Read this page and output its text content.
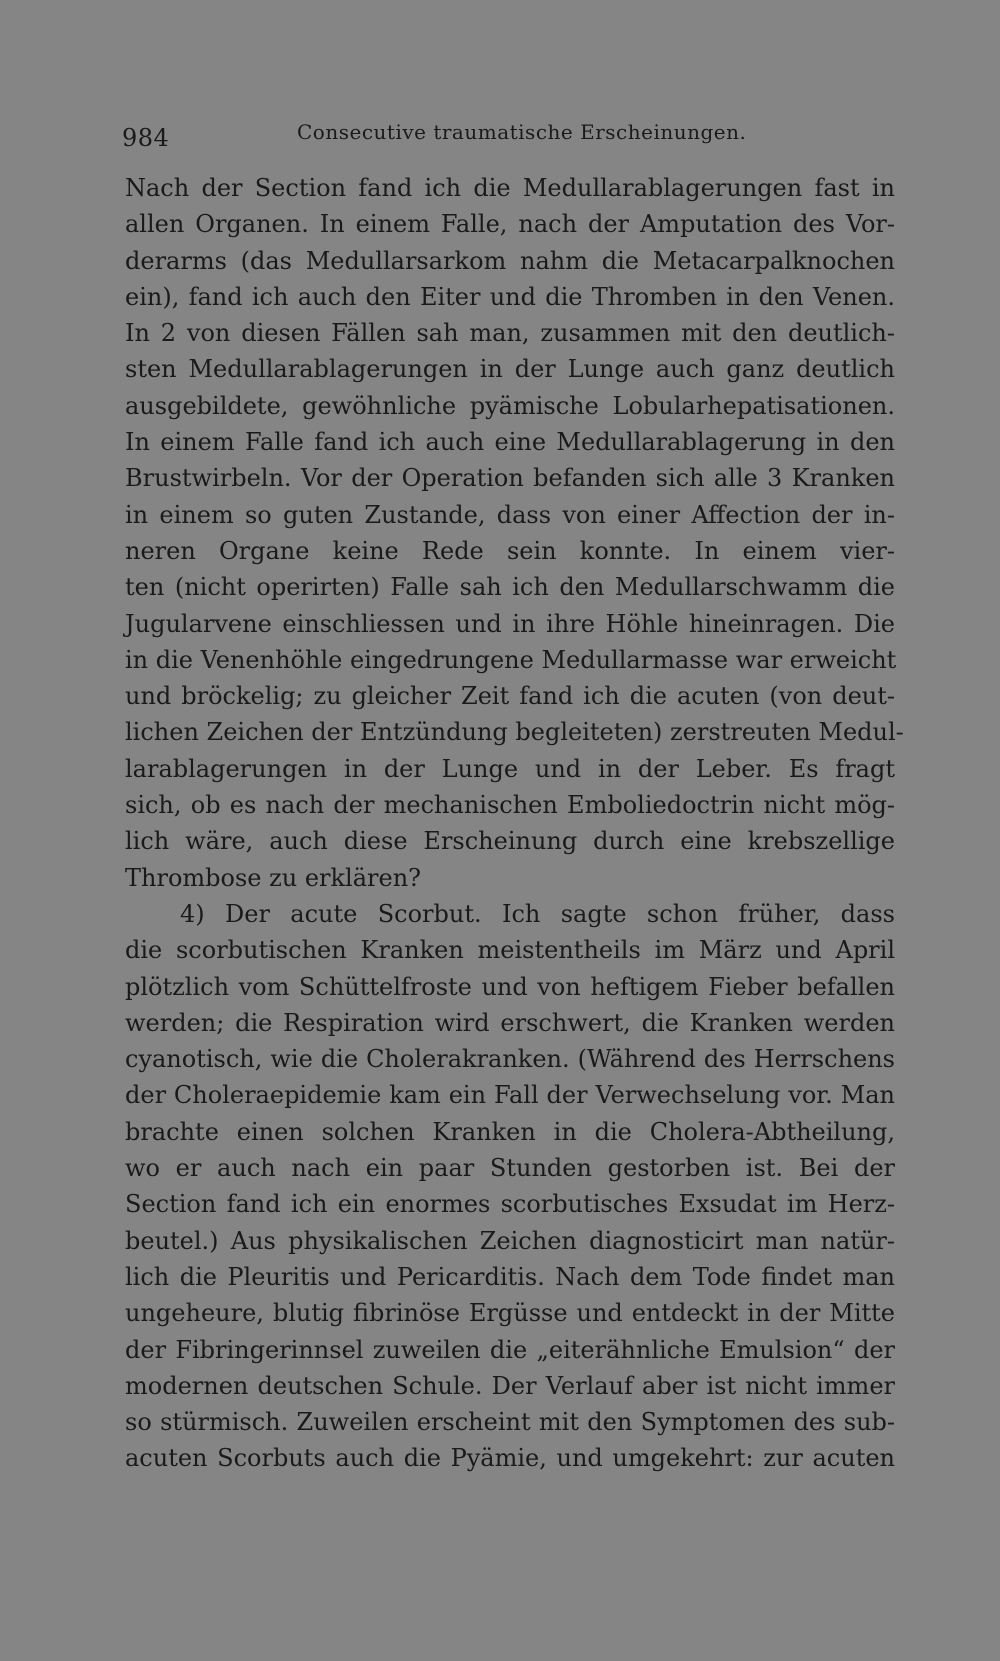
984	Consecutive traumatische Erscheinungen.
Nach der Section fand ich die Medullarablagerungen fast in
allen Organen. In einem Falle, nach der Amputation des Vor-
derarms (das Medullarsarkom nahm die Metacarpalknochen
ein), fand ich auch den Eiter und die Thromben in den Venen.
In 2 von diesen Fällen sah man, zusammen mit den deutlich-
sten Medullarablagerungen in der Lunge auch ganz deutlich
ausgebildete, gewöhnliche pyämische Lobularhepatisationen.
In einem Falle fand ich auch eine Medullarablagerung in den
Brustwirbeln. Vor der Operation befanden sich alle 3 Kranken
in einem so guten Zustande, dass von einer Affection der in-
neren Organe keine Rede sein konnte. In einem vier-
ten (nicht operirten) Falle sah ich den Medullarschwamm die
Jugularvene einschliessen und in ihre Höhle hineinragen. Die
in die Venenhöhle eingedrungene Medullarmasse war erweicht
und bröckelig; zu gleicher Zeit fand ich die acuten (von deut-
lichen Zeichen der Entzündung begleiteten) zerstreuten Medul-
larablagerungen in der Lunge und in der Leber. Es fragt
sich, ob es nach der mechanischen Emboliedoctrin nicht mög-
lich wäre, auch diese Erscheinung durch eine krebszellige
Thrombose zu erklären?
4) Der acute Scorbut. Ich sagte schon früher, dass
die scorbutischen Kranken meistentheils im März und April
plötzlich vom Schüttelfroste und von heftigem Fieber befallen
werden; die Respiration wird erschwert, die Kranken werden
cyanotisch, wie die Cholerakranken. (Während des Herrschens
der Choleraepidemie kam ein Fall der Verwechselung vor. Man
brachte einen solchen Kranken in die Cholera-Abtheilung,
wo er auch nach ein paar Stunden gestorben ist. Bei der
Section fand ich ein enormes scorbutisches Exsudat im Herz-
beutel.) Aus physikalischen Zeichen diagnosticirt man natür-
lich die Pleuritis und Pericarditis. Nach dem Tode findet man
ungeheure, blutig fibrinöse Ergüsse und entdeckt in der Mitte
der Fibringerinnsel zuweilen die „eiterähnliche Emulsion“ der
modernen deutschen Schule. Der Verlauf aber ist nicht immer
so stürmisch. Zuweilen erscheint mit den Symptomen des sub-
acuten Scorbuts auch die Pyämie, und umgekehrt: zur acuten
